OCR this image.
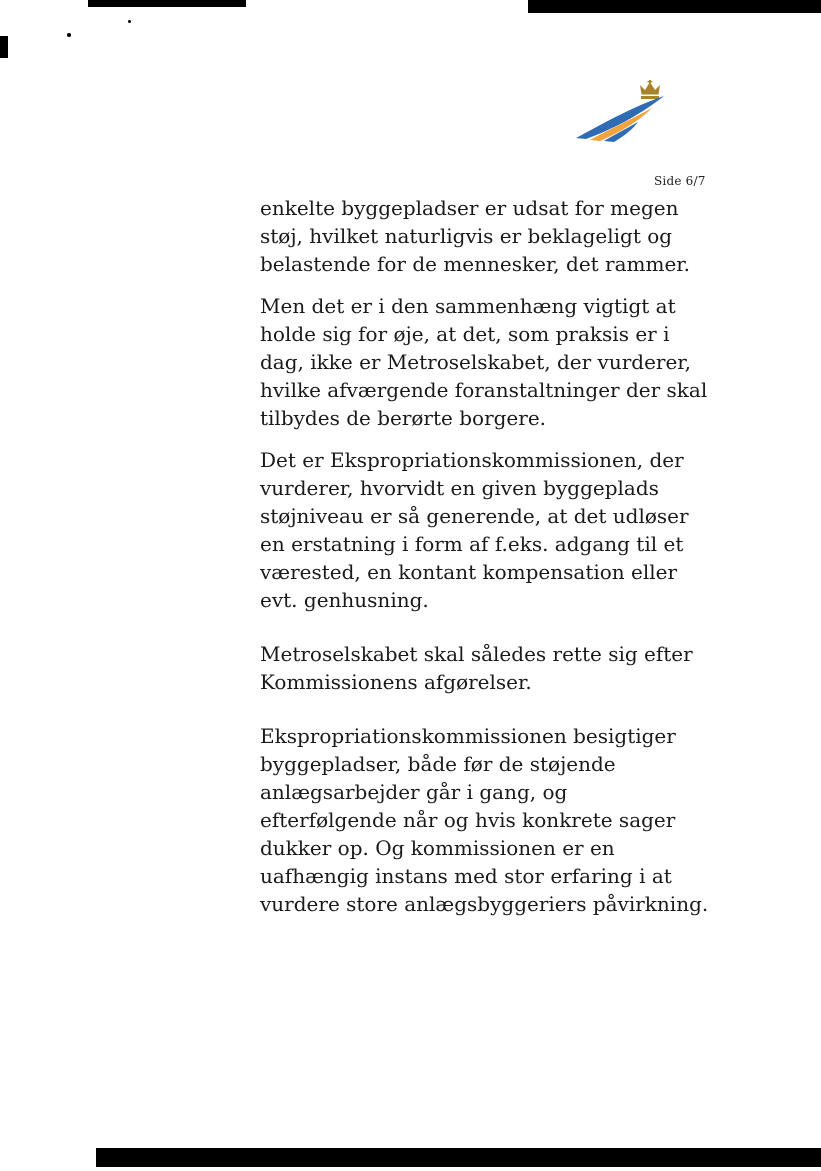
Side 6/7

enkelte byggepladser er udsat for megen støj, hvilket naturligvis er beklageligt og belastende for de mennesker, det rammer.

Men det er i den sammenhæng vigtigt at holde sig for øje, at det, som praksis er i dag, ikke er Metroselskabet, der vurderer, hvilke afværgende foranstaltninger der skal tilbydes de berørte borgere.

Det er Ekspropriationskommissionen, der vurderer, hvorvidt en given byggeplads støjniveau er så generende, at det udløser en erstatning i form af f.eks. adgang til et værested, en kontant kompensation eller evt. genhusning.

Metroselskabet skal således rette sig efter Kommissionens afgørelser.

Ekspropriationskommissionen besigtiger byggepladser, både før de støjende anlægsarbejder går i gang, og efterfølgende når og hvis konkrete sager dukker op. Og kommissionen er en uafhængig instans med stor erfaring i at vurdere store anlægsbyggeriers påvirkning.
